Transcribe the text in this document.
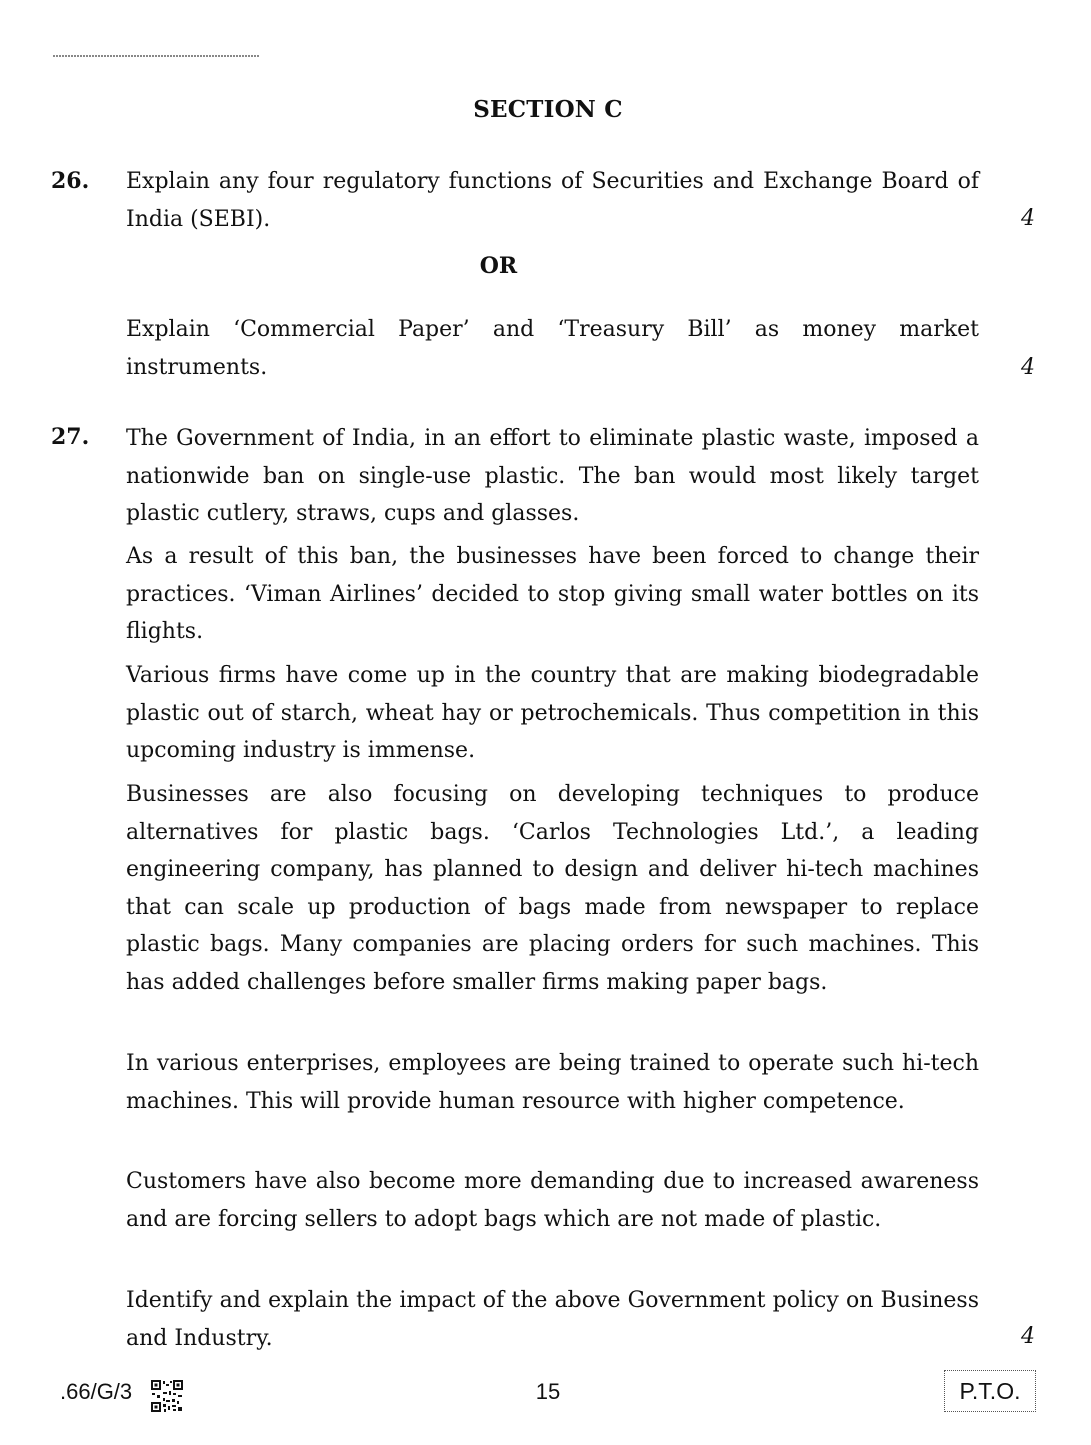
SECTION C
26. Explain any four regulatory functions of Securities and Exchange Board of India (SEBI).	4
OR
Explain ‘Commercial Paper’ and ‘Treasury Bill’ as money market instruments.	4
27. The Government of India, in an effort to eliminate plastic waste, imposed a nationwide ban on single-use plastic. The ban would most likely target plastic cutlery, straws, cups and glasses.
As a result of this ban, the businesses have been forced to change their practices. ‘Viman Airlines’ decided to stop giving small water bottles on its flights.
Various firms have come up in the country that are making biodegradable plastic out of starch, wheat hay or petrochemicals. Thus competition in this upcoming industry is immense.
Businesses are also focusing on developing techniques to produce alternatives for plastic bags. ‘Carlos Technologies Ltd.’, a leading engineering company, has planned to design and deliver hi-tech machines that can scale up production of bags made from newspaper to replace plastic bags. Many companies are placing orders for such machines. This has added challenges before smaller firms making paper bags.
In various enterprises, employees are being trained to operate such hi-tech machines. This will provide human resource with higher competence.
Customers have also become more demanding due to increased awareness and are forcing sellers to adopt bags which are not made of plastic.
Identify and explain the impact of the above Government policy on Business and Industry.	4
.66/G/3	15	P.T.O.
